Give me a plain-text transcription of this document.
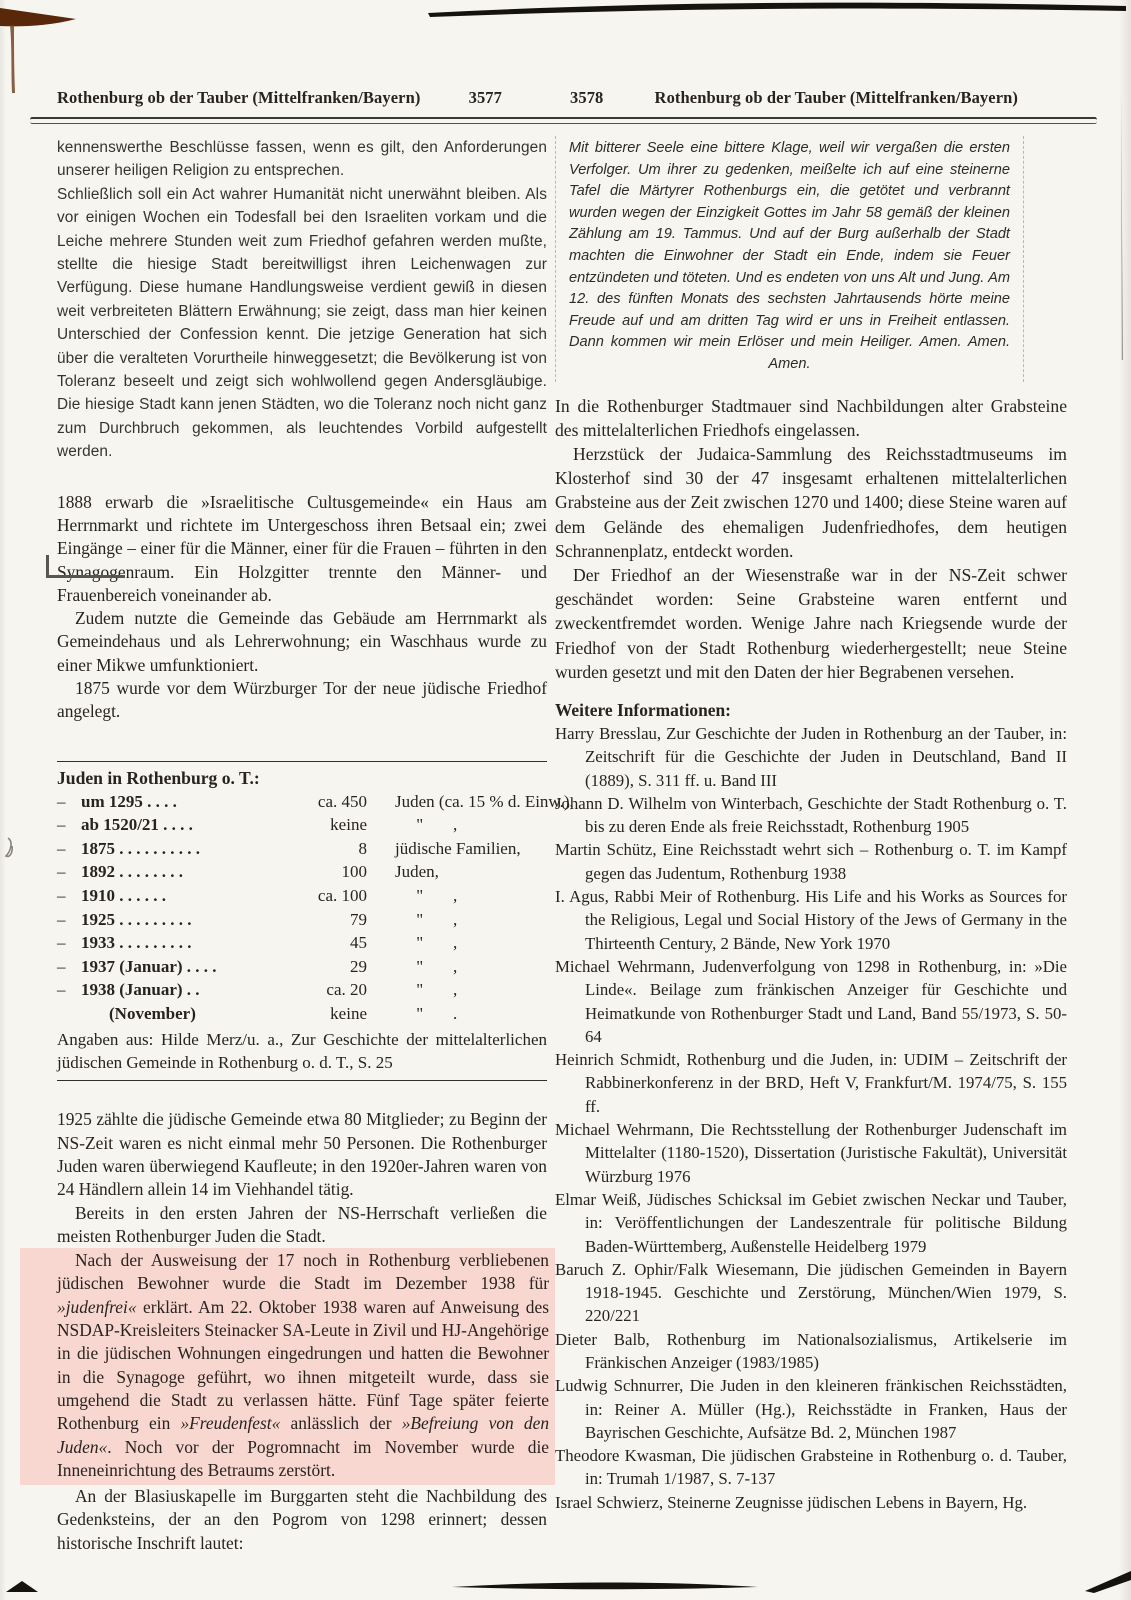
Rothenburg ob der Tauber (Mittelfranken/Bayern)	3577	3578	Rothenburg ob der Tauber (Mittelfranken/Bayern)

kennenswerthe Beschlüsse fassen, wenn es gilt, den Anforderungen unserer heiligen Religion zu entsprechen.

Schließlich soll ein Act wahrer Humanität nicht unerwähnt bleiben. Als vor einigen Wochen ein Todesfall bei den Israeliten vorkam und die Leiche mehrere Stunden weit zum Friedhof gefahren werden mußte, stellte die hiesige Stadt bereitwilligst ihren Leichenwagen zur Verfügung. Diese humane Handlungsweise verdient gewiß in diesen weit verbreiteten Blättern Erwähnung; sie zeigt, dass man hier keinen Unterschied der Confession kennt. Die jetzige Generation hat sich über die veralteten Vorurtheile hinweggesetzt; die Bevölkerung ist von Toleranz beseelt und zeigt sich wohlwollend gegen Andersgläubige. Die hiesige Stadt kann jenen Städten, wo die Toleranz noch nicht ganz zum Durchbruch gekommen, als leuchtendes Vorbild aufgestellt werden.

1888 erwarb die »Israelitische Cultusgemeinde« ein Haus am Herrnmarkt und richtete im Untergeschoss ihren Betsaal ein; zwei Eingänge – einer für die Männer, einer für die Frauen – führten in den Synagogenraum. Ein Holzgitter trennte den Männer- und Frauenbereich voneinander ab.

Zudem nutzte die Gemeinde das Gebäude am Herrnmarkt als Gemeindehaus und als Lehrerwohnung; ein Waschhaus wurde zu einer Mikwe umfunktioniert.

1875 wurde vor dem Würzburger Tor der neue jüdische Friedhof angelegt.

Juden in Rothenburg o. T.:

– um 1295 . . . .	ca. 450	Juden (ca. 15 % d. Einw.),
– ab 1520/21 . . . .	keine	"       ,
– 1875 . . . . . . . . . .	8	jüdische Familien,
– 1892 . . . . . . . .	100	Juden,
– 1910 . . . . . .	ca. 100	"       ,
– 1925 . . . . . . . . .	79	"       ,
– 1933 . . . . . . . . .	45	"       ,
– 1937 (Januar) . . . .	29	"       ,
– 1938 (Januar) . .	ca. 20	"       ,
(November)	keine	"       .

Angaben aus: Hilde Merz/u. a., Zur Geschichte der mittelalterlichen jüdischen Gemeinde in Rothenburg o. d. T., S. 25

1925 zählte die jüdische Gemeinde etwa 80 Mitglieder; zu Beginn der NS-Zeit waren es nicht einmal mehr 50 Personen. Die Rothenburger Juden waren überwiegend Kaufleute; in den 1920er-Jahren waren von 24 Händlern allein 14 im Viehhandel tätig.

Bereits in den ersten Jahren der NS-Herrschaft verließen die meisten Rothenburger Juden die Stadt.

Nach der Ausweisung der 17 noch in Rothenburg verbliebenen jüdischen Bewohner wurde die Stadt im Dezember 1938 für »judenfrei« erklärt. Am 22. Oktober 1938 waren auf Anweisung des NSDAP-Kreisleiters Steinacker SA-Leute in Zivil und HJ-Angehörige in die jüdischen Wohnungen eingedrungen und hatten die Bewohner in die Synagoge geführt, wo ihnen mitgeteilt wurde, dass sie umgehend die Stadt zu verlassen hätte. Fünf Tage später feierte Rothenburg ein »Freudenfest« anlässlich der »Befreiung von den Juden«. Noch vor der Pogromnacht im November wurde die Inneneinrichtung des Betraums zerstört.

An der Blasiuskapelle im Burggarten steht die Nachbildung des Gedenksteins, der an den Pogrom von 1298 erinnert; dessen historische Inschrift lautet:

Mit bitterer Seele eine bittere Klage, weil wir vergaßen die ersten Verfolger. Um ihrer zu gedenken, meißelte ich auf eine steinerne Tafel die Märtyrer Rothenburgs ein, die getötet und verbrannt wurden wegen der Einzigkeit Gottes im Jahr 58 gemäß der kleinen Zählung am 19. Tammus. Und auf der Burg außerhalb der Stadt machten die Einwohner der Stadt ein Ende, indem sie Feuer entzündeten und töteten. Und es endeten von uns Alt und Jung. Am 12. des fünften Monats des sechsten Jahrtausends hörte meine Freude auf und am dritten Tag wird er uns in Freiheit entlassen. Dann kommen wir mein Erlöser und mein Heiliger. Amen. Amen. Amen.

In die Rothenburger Stadtmauer sind Nachbildungen alter Grabsteine des mittelalterlichen Friedhofs eingelassen.

Herzstück der Judaica-Sammlung des Reichsstadtmuseums im Klosterhof sind 30 der 47 insgesamt erhaltenen mittelalterlichen Grabsteine aus der Zeit zwischen 1270 und 1400; diese Steine waren auf dem Gelände des ehemaligen Judenfriedhofes, dem heutigen Schrannenplatz, entdeckt worden.

Der Friedhof an der Wiesenstraße war in der NS-Zeit schwer geschändet worden: Seine Grabsteine waren entfernt und zweckentfremdet worden. Wenige Jahre nach Kriegsende wurde der Friedhof von der Stadt Rothenburg wiederhergestellt; neue Steine wurden gesetzt und mit den Daten der hier Begrabenen versehen.

Weitere Informationen:

Harry Bresslau, Zur Geschichte der Juden in Rothenburg an der Tauber, in: Zeitschrift für die Geschichte der Juden in Deutschland, Band II (1889), S. 311 ff. u. Band III

Johann D. Wilhelm von Winterbach, Geschichte der Stadt Rothenburg o. T. bis zu deren Ende als freie Reichsstadt, Rothenburg 1905

Martin Schütz, Eine Reichsstadt wehrt sich – Rothenburg o. T. im Kampf gegen das Judentum, Rothenburg 1938

I. Agus, Rabbi Meir of Rothenburg. His Life and his Works as Sources for the Religious, Legal und Social History of the Jews of Germany in the Thirteenth Century, 2 Bände, New York 1970

Michael Wehrmann, Judenverfolgung von 1298 in Rothenburg, in: »Die Linde«. Beilage zum fränkischen Anzeiger für Geschichte und Heimatkunde von Rothenburger Stadt und Land, Band 55/1973, S. 50-64

Heinrich Schmidt, Rothenburg und die Juden, in: UDIM – Zeitschrift der Rabbinerkonferenz in der BRD, Heft V, Frankfurt/M. 1974/75, S. 155 ff.

Michael Wehrmann, Die Rechtsstellung der Rothenburger Judenschaft im Mittelalter (1180-1520), Dissertation (Juristische Fakultät), Universität Würzburg 1976

Elmar Weiß, Jüdisches Schicksal im Gebiet zwischen Neckar und Tauber, in: Veröffentlichungen der Landeszentrale für politische Bildung Baden-Württemberg, Außenstelle Heidelberg 1979

Baruch Z. Ophir/Falk Wiesemann, Die jüdischen Gemeinden in Bayern 1918-1945. Geschichte und Zerstörung, München/Wien 1979, S. 220/221

Dieter Balb, Rothenburg im Nationalsozialismus, Artikelserie im Fränkischen Anzeiger (1983/1985)

Ludwig Schnurrer, Die Juden in den kleineren fränkischen Reichsstädten, in: Reiner A. Müller (Hg.), Reichsstädte in Franken, Haus der Bayrischen Geschichte, Aufsätze Bd. 2, München 1987

Theodore Kwasman, Die jüdischen Grabsteine in Rothenburg o. d. Tauber, in: Trumah 1/1987, S. 7-137

Israel Schwierz, Steinerne Zeugnisse jüdischen Lebens in Bayern, Hg.
